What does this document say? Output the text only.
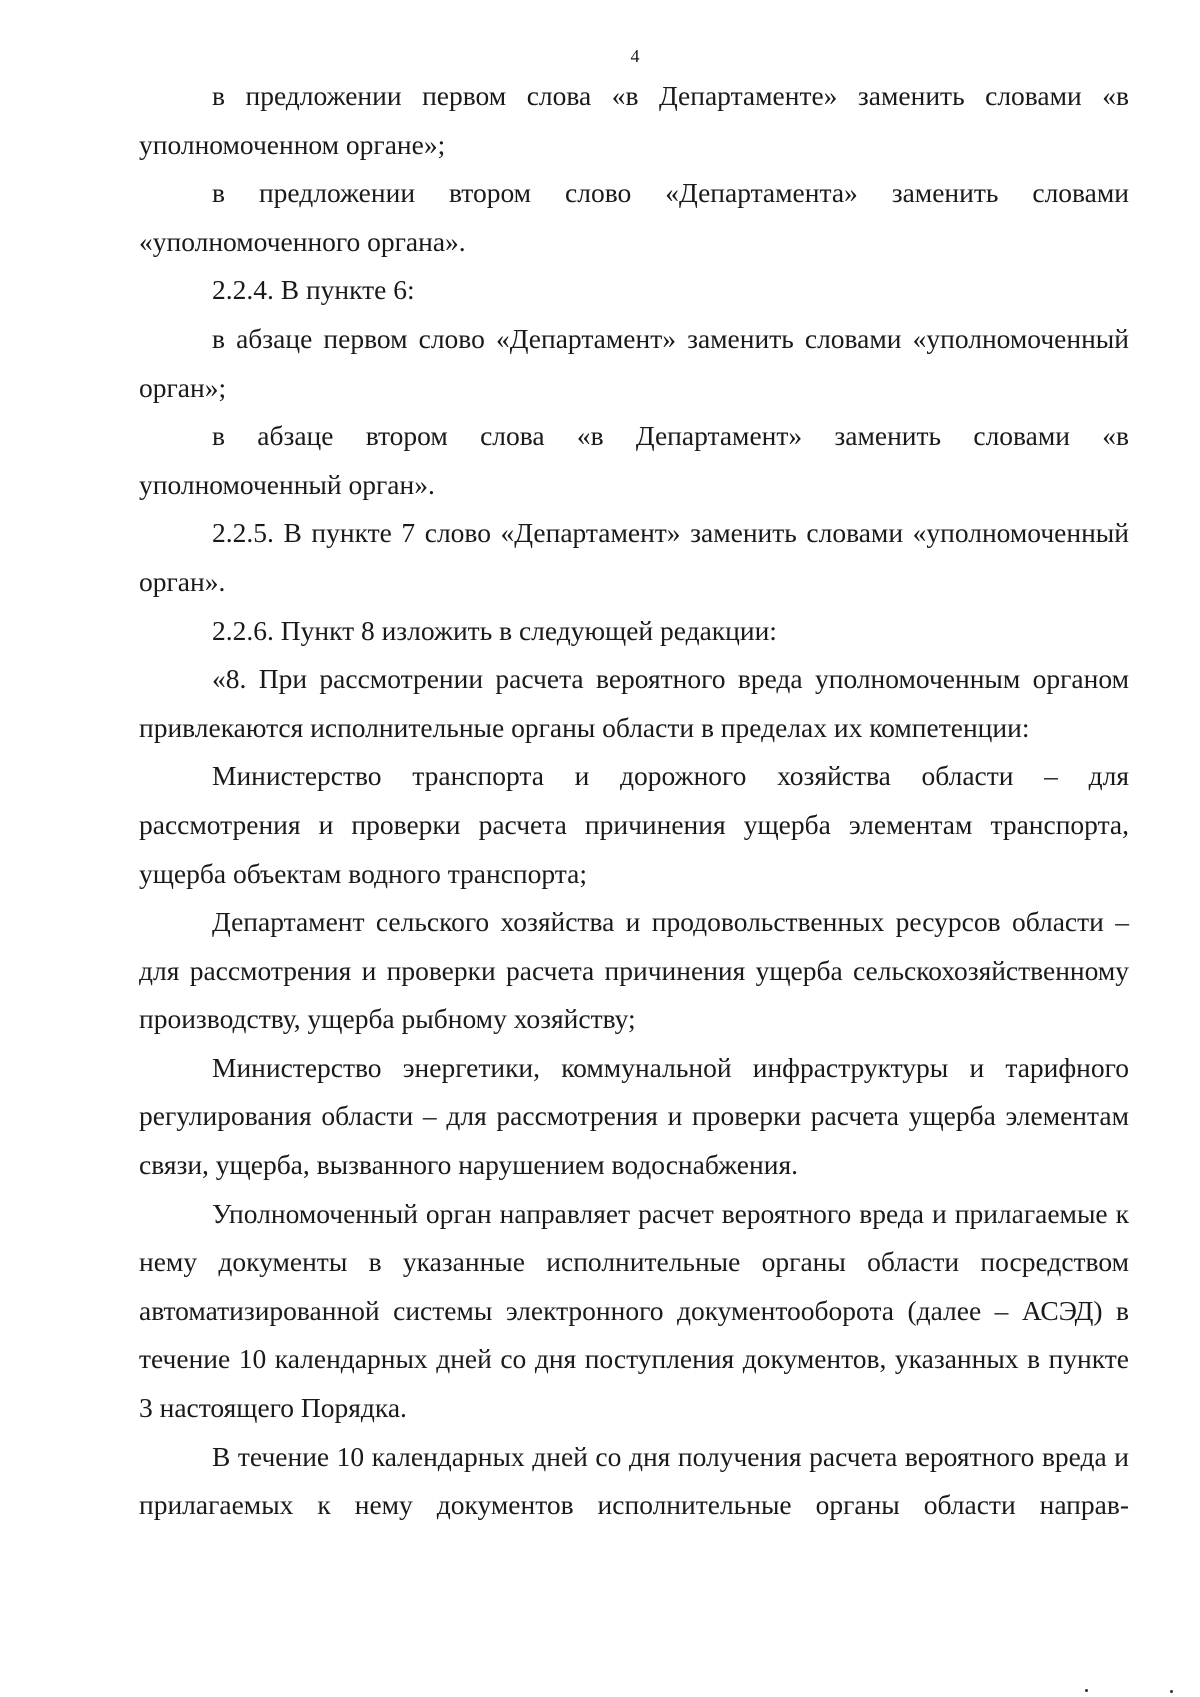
4

в предложении первом слова «в Департаменте» заменить словами «в уполномоченном органе»;

в предложении втором слово «Департамента» заменить словами «уполномоченного органа».

2.2.4. В пункте 6:

в абзаце первом слово «Департамент» заменить словами «уполномоченный орган»;

в абзаце втором слова «в Департамент» заменить словами «в уполномоченный орган».

2.2.5. В пункте 7 слово «Департамент» заменить словами «уполномоченный орган».

2.2.6. Пункт 8 изложить в следующей редакции:

«8. При рассмотрении расчета вероятного вреда уполномоченным органом привлекаются исполнительные органы области в пределах их компетенции:

Министерство транспорта и дорожного хозяйства области – для рассмотрения и проверки расчета причинения ущерба элементам транспорта, ущерба объектам водного транспорта;

Департамент сельского хозяйства и продовольственных ресурсов области – для рассмотрения и проверки расчета причинения ущерба сельскохозяйственному производству, ущерба рыбному хозяйству;

Министерство энергетики, коммунальной инфраструктуры и тарифного регулирования области – для рассмотрения и проверки расчета ущерба элементам связи, ущерба, вызванного нарушением водоснабжения.

Уполномоченный орган направляет расчет вероятного вреда и прилагаемые к нему документы в указанные исполнительные органы области посредством автоматизированной системы электронного документооборота (далее – АСЭД) в течение 10 календарных дней со дня поступления документов, указанных в пункте 3 настоящего Порядка.

В течение 10 календарных дней со дня получения расчета вероятного вреда и прилагаемых к нему документов исполнительные органы области направ-
